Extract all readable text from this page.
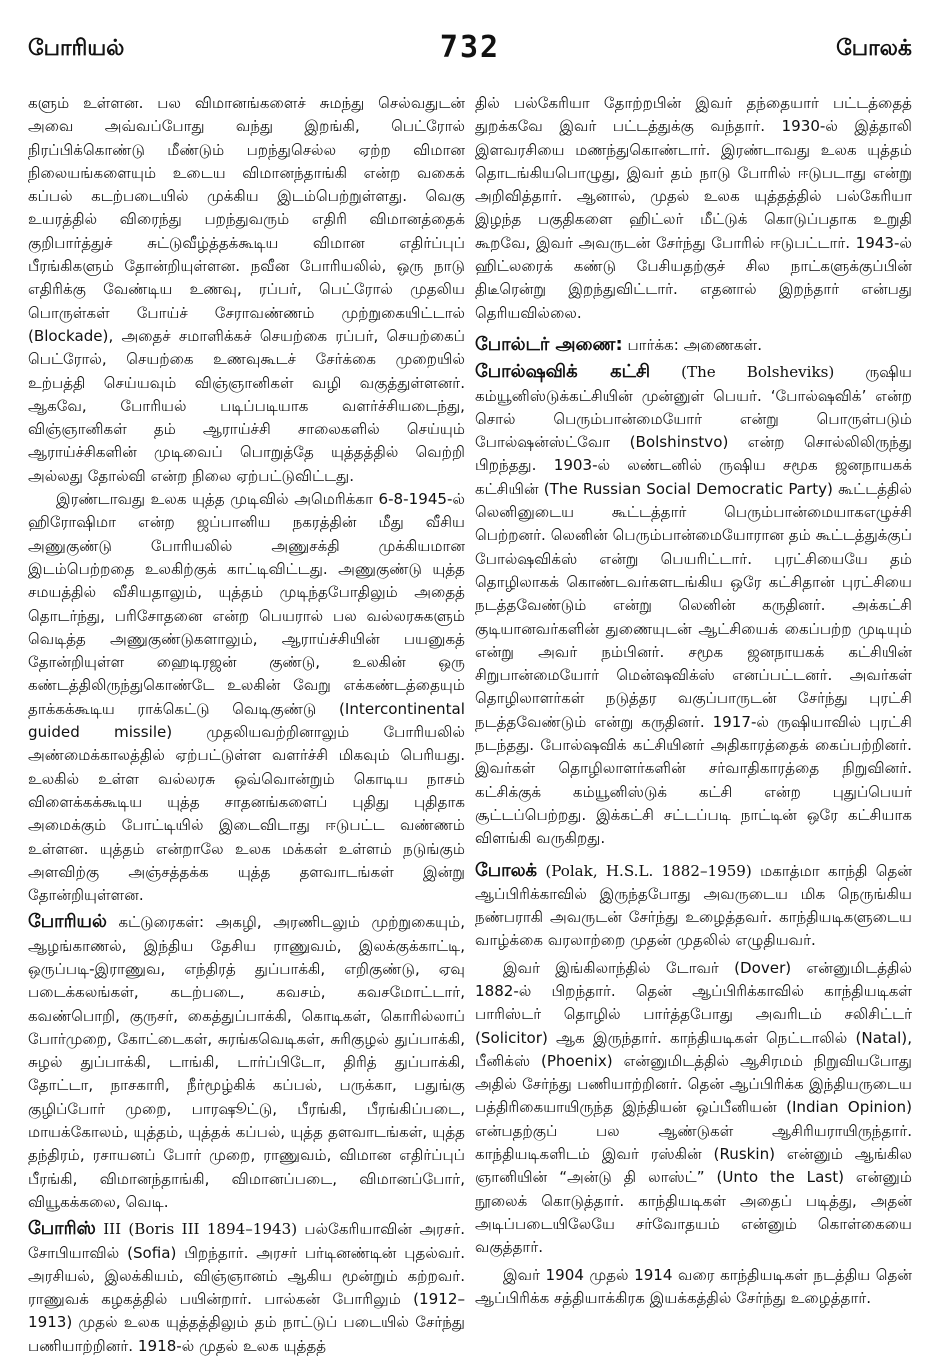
போரியல்	732	போலக்

களும் உள்ளன. பல விமானங்களைச் சுமந்து செல்வதுடன் அவை அவ்வப்போது வந்து இறங்கி, பெட்ரோல் நிரப்பிக்கொண்டு மீண்டும் பறந்துசெல்ல ஏற்ற விமான நிலையங்களையும் உடைய விமானந்தாங்கி என்ற வகைக் கப்பல் கடற்படையில் முக்கிய இடம்பெற்றுள்ளது. வெகு உயரத்தில் விரைந்து பறந்துவரும் எதிரி விமானத்தைக் குறிபார்த்துச் சுட்டுவீழ்த்தக்கூடிய விமான எதிர்ப்புப் பீரங்கிகளும் தோன்றியுள்ளன. நவீன போரியலில், ஒரு நாடு எதிரிக்கு வேண்டிய உணவு, ரப்பர், பெட்ரோல் முதலிய பொருள்கள் போய்ச் சேராவண்ணம் முற்றுகையிட்டால் (Blockade), அதைச் சமாளிக்கச் செயற்கை ரப்பர், செயற்கைப் பெட்ரோல், செயற்கை உணவுகூடச் சேர்க்கை முறையில் உற்பத்தி செய்யவும் விஞ்ஞானிகள் வழி வகுத்துள்ளனர். ஆகவே, போரியல் படிப்படியாக வளர்ச்சியடைந்து, விஞ்ஞானிகள் தம் ஆராய்ச்சி சாலைகளில் செய்யும் ஆராய்ச்சிகளின் முடிவைப் பொறுத்தே யுத்தத்தில் வெற்றி அல்லது தோல்வி என்ற நிலை ஏற்பட்டுவிட்டது.

இரண்டாவது உலக யுத்த முடிவில் அமெரிக்கா 6-8-1945-ல் ஹிரோஷிமா என்ற ஜப்பானிய நகரத்தின் மீது வீசிய அணுகுண்டு போரியலில் அணுசக்தி முக்கியமான இடம்பெற்றதை உலகிற்குக் காட்டிவிட்டது. அணுகுண்டு யுத்த சமயத்தில் வீசியதாலும், யுத்தம் முடிந்தபோதிலும் அதைத் தொடர்ந்து, பரிசோதனை என்ற பெயரால் பல வல்லரசுகளும் வெடித்த அணுகுண்டுகளாலும், ஆராய்ச்சியின் பயனுகத் தோன்றியுள்ள ஹைடிரஜன் குண்டு, உலகின் ஒரு கண்டத்திலிருந்துகொண்டே உலகின் வேறு எக்கண்டத்தையும் தாக்கக்கூடிய ராக்கெட்டு வெடிகுண்டு (Intercontinental guided missile) முதலியவற்றினாலும் போரியலில் அண்மைக்காலத்தில் ஏற்பட்டுள்ள வளர்ச்சி மிகவும் பெரியது. உலகில் உள்ள வல்லரசு ஒவ்வொன்றும் கொடிய நாசம் விளைக்கக்கூடிய யுத்த சாதனங்களைப் புதிது புதிதாக அமைக்கும் போட்டியில் இடைவிடாது ஈடுபட்ட வண்ணம் உள்ளன. யுத்தம் என்றாலே உலக மக்கள் உள்ளம் நடுங்கும் அளவிற்கு அஞ்சத்தக்க யுத்த தளவாடங்கள் இன்று தோன்றியுள்ளன.

போரியல் கட்டுரைகள்: அகழி, அரணிடலும் முற்றுகையும், ஆழங்காணல், இந்திய தேசிய ராணுவம், இலக்குக்காட்டி, ஒருப்படி-இராணுவ, எந்திரத் துப்பாக்கி, எறிகுண்டு, ஏவு படைக்கலங்கள், கடற்படை, கவசம், கவசமோட்டார், கவண்பொறி, குருசர், கைத்துப்பாக்கி, கொடிகள், கொரில்லாப் போர்முறை, கோட்டைகள், சுரங்கவெடிகள், சுரிகுழல் துப்பாக்கி, சுழல் துப்பாக்கி, டாங்கி, டார்ப்பிடோ, திரித் துப்பாக்கி, தோட்டா, நாசகாரி, நீர்மூழ்கிக் கப்பல், பருக்கா, பதுங்கு குழிப்போர் முறை, பாரஷூட்டு, பீரங்கி, பீரங்கிப்படை, மாயக்கோலம், யுத்தம், யுத்தக் கப்பல், யுத்த தளவாடங்கள், யுத்த தந்திரம், ரசாயனப் போர் முறை, ராணுவம், விமான எதிர்ப்புப் பீரங்கி, விமானந்தாங்கி, விமானப்படை, விமானப்போர், வியூகக்கலை, வெடி.

போரிஸ் III (Boris III 1894–1943) பல்கேரியாவின் அரசர். சோபியாவில் (Sofia) பிறந்தார். அரசர் பர்டினண்டின் புதல்வர். அரசியல், இலக்கியம், விஞ்ஞானம் ஆகிய மூன்றும் கற்றவர். ராணுவக் கழகத்தில் பயின்றார். பால்கன் போரிலும் (1912–1913) முதல் உலக யுத்தத்திலும் தம் நாட்டுப் படையில் சேர்ந்து பணியாற்றினர். 1918-ல் முதல் உலக யுத்தத்

தில் பல்கேரியா தோற்றபின் இவர் தந்தையார் பட்டத்தைத் துறக்கவே இவர் பட்டத்துக்கு வந்தார். 1930-ல் இத்தாலி இளவரசியை மணந்துகொண்டார். இரண்டாவது உலக யுத்தம் தொடங்கியபொழுது, இவர் தம் நாடு போரில் ஈடுபடாது என்று அறிவித்தார். ஆனால், முதல் உலக யுத்தத்தில் பல்கேரியா இழந்த பகுதிகளை ஹிட்லர் மீட்டுக் கொடுப்பதாக உறுதி கூறவே, இவர் அவருடன் சேர்ந்து போரில் ஈடுபட்டார். 1943-ல் ஹிட்லரைக் கண்டு பேசியதற்குச் சில நாட்களுக்குப்பின் திடீரென்று இறந்துவிட்டார். எதனால் இறந்தார் என்பது தெரியவில்லை.

போல்டர் அணை: பார்க்க: அணைகள்.

போல்ஷவிக் கட்சி (The Bolsheviks) ருஷிய கம்யூனிஸ்டுக்கட்சியின் முன்னுள் பெயர். ‘போல்ஷவிக்’ என்ற சொல் பெரும்பான்மையோர் என்று பொருள்படும் போல்ஷன்ஸ்ட்வோ (Bolshinstvo) என்ற சொல்லிலிருந்து பிறந்தது. 1903-ல் லண்டனில் ருஷிய சமூக ஜனநாயகக் கட்சியின் (The Russian Social Democratic Party) கூட்டத்தில் லெனினுடைய கூட்டத்தார் பெரும்பான்மையாகஎழுச்சி பெற்றனர். லெனின் பெரும்பான்மையோரான தம் கூட்டத்துக்குப் போல்ஷவிக்ஸ் என்று பெயரிட்டார். புரட்சியையே தம் தொழிலாகக் கொண்டவர்களடங்கிய ஒரே கட்சிதான் புரட்சியை நடத்தவேண்டும் என்று லெனின் கருதினர். அக்கட்சி குடியானவர்களின் துணையுடன் ஆட்சியைக் கைப்பற்ற முடியும் என்று அவர் நம்பினர். சமூக ஜனநாயகக் கட்சியின் சிறுபான்மையோர் மென்ஷவிக்ஸ் எனப்பட்டனர். அவர்கள் தொழிலாளர்கள் நடுத்தர வகுப்பாருடன் சேர்ந்து புரட்சி நடத்தவேண்டும் என்று கருதினர். 1917-ல் ருஷியாவில் புரட்சி நடந்தது. போல்ஷவிக் கட்சியினர் அதிகாரத்தைக் கைப்பற்றினர். இவர்கள் தொழிலாளர்களின் சர்வாதிகாரத்தை நிறுவினர். கட்சிக்குக் கம்யூனிஸ்டுக் கட்சி என்ற புதுப்பெயர் சூட்டப்பெற்றது. இக்கட்சி சட்டப்படி நாட்டின் ஒரே கட்சியாக விளங்கி வருகிறது.

போலக் (Polak, H.S.L. 1882–1959) மகாத்மா காந்தி தென் ஆப்பிரிக்காவில் இருந்தபோது அவருடைய மிக நெருங்கிய நண்பராகி அவருடன் சேர்ந்து உழைத்தவர். காந்தியடிகளுடைய வாழ்க்கை வரலாற்றை முதன் முதலில் எழுதியவர்.

இவர் இங்கிலாந்தில் டோவர் (Dover) என்னுமிடத்தில் 1882-ல் பிறந்தார். தென் ஆப்பிரிக்காவில் காந்தியடிகள் பாரிஸ்டர் தொழில் பார்த்தபோது அவரிடம் சலிசிட்டர் (Solicitor) ஆக இருந்தார். காந்தியடிகள் நெட்டாலில் (Natal), பீனிக்ஸ் (Phoenix) என்னுமிடத்தில் ஆசிரமம் நிறுவியபோது அதில் சேர்ந்து பணியாற்றினர். தென் ஆப்பிரிக்க இந்தியருடைய பத்திரிகையாயிருந்த இந்தியன் ஒப்பீனியன் (Indian Opinion) என்பதற்குப் பல ஆண்டுகள் ஆசிரியராயிருந்தார். காந்தியடிகளிடம் இவர் ரஸ்கின் (Ruskin) என்னும் ஆங்கில ஞானியின் “அன்டு தி லாஸ்ட்” (Unto the Last) என்னும் நூலைக் கொடுத்தார். காந்தியடிகள் அதைப் படித்து, அதன் அடிப்படையிலேயே சர்வோதயம் என்னும் கொள்கையை வகுத்தார்.

இவர் 1904 முதல் 1914 வரை காந்தியடிகள் நடத்திய தென் ஆப்பிரிக்க சத்தியாக்கிரக இயக்கத்தில் சேர்ந்து உழைத்தார்.
